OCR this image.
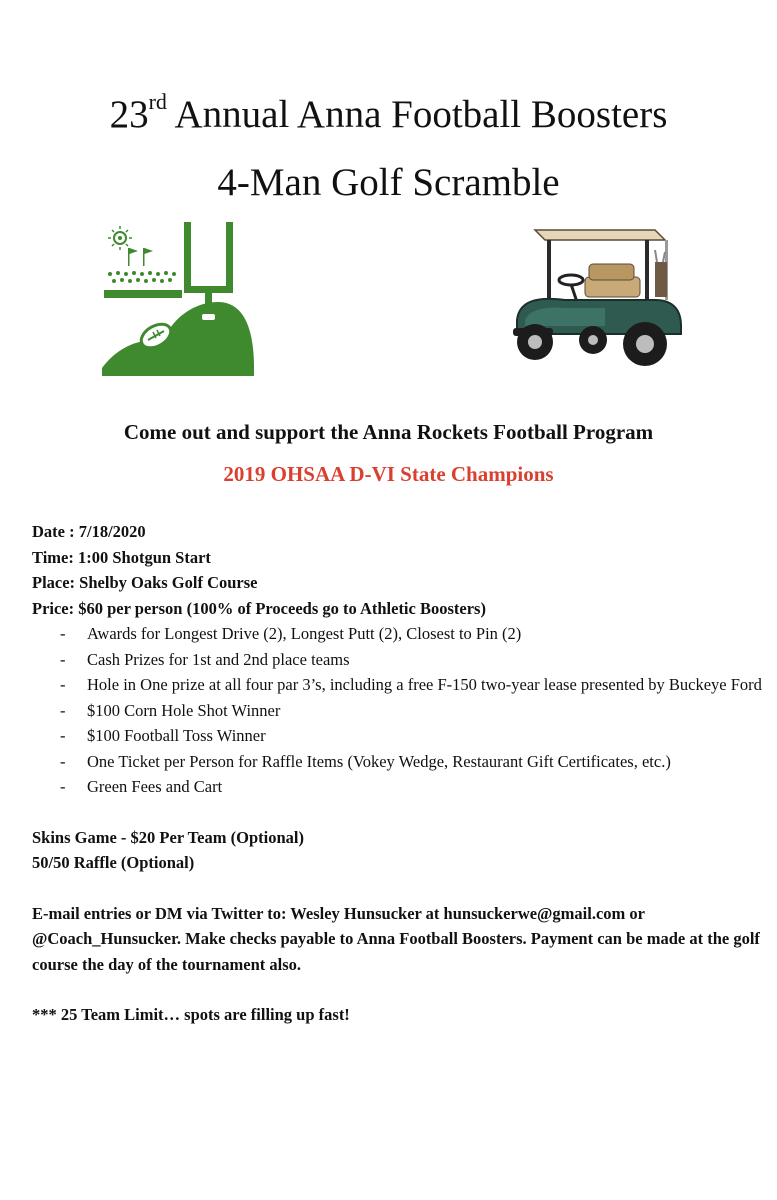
23rd Annual Anna Football Boosters
4-Man Golf Scramble
Come out and support the Anna Rockets Football Program
2019 OHSAA D-VI State Champions
Date : 7/18/2020
Time: 1:00 Shotgun Start
Place: Shelby Oaks Golf Course
Price: $60 per person (100% of Proceeds go to Athletic Boosters)
- Awards for Longest Drive (2), Longest Putt (2), Closest to Pin (2)
- Cash Prizes for 1st and 2nd place teams
- Hole in One prize at all four par 3’s, including a free F-150 two-year lease presented by Buckeye Ford
- $100 Corn Hole Shot Winner
- $100 Football Toss Winner
- One Ticket per Person for Raffle Items (Vokey Wedge, Restaurant Gift Certificates, etc.)
- Green Fees and Cart
Skins Game - $20 Per Team (Optional)
50/50 Raffle (Optional)
E-mail entries or DM via Twitter to: Wesley Hunsucker at hunsuckerwe@gmail.com or @Coach_Hunsucker. Make checks payable to Anna Football Boosters. Payment can be made at the golf course the day of the tournament also.
*** 25 Team Limit… spots are filling up fast!
